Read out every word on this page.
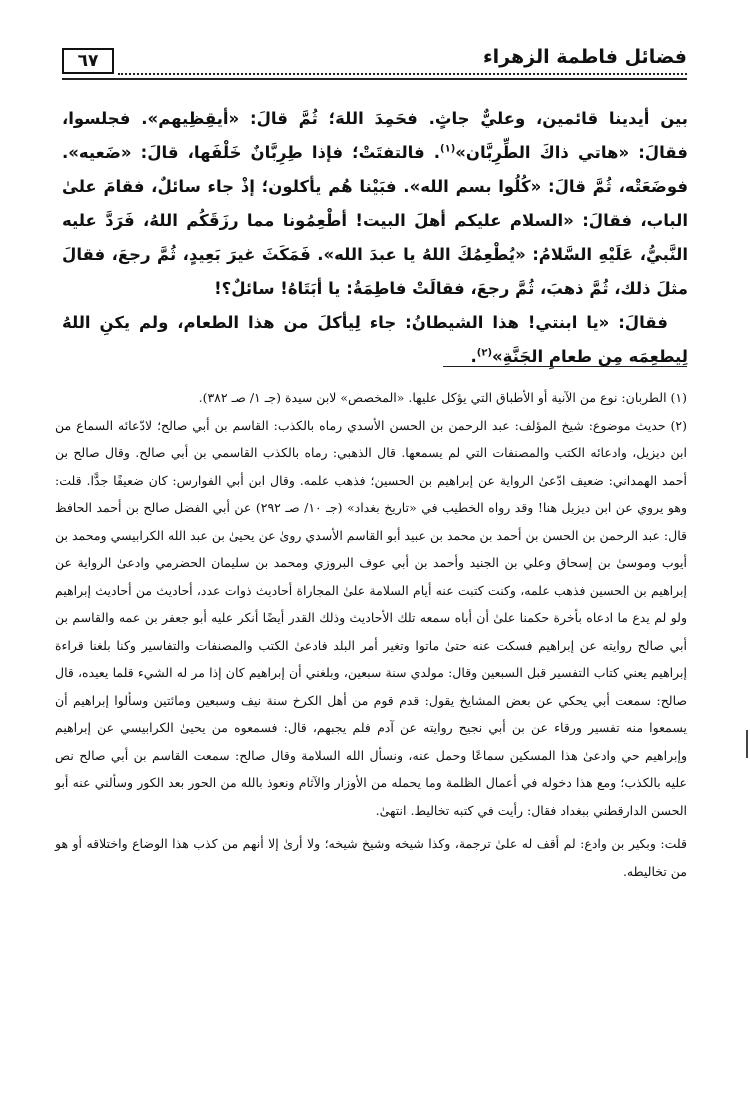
٦٧	فضائل فاطمة الزهراء

بين أيدينا قائمين، وعليٌّ جاثٍ. فحَمِدَ اللهَ؛ ثُمَّ قالَ: «أيقِظِيهم». فجلسوا، فقالَ: «هاتي ذاكَ الطِّرِبَّان»$^{(١)}$. فالتفتَتْ؛ فإذا طِرِبَّانٌ خَلْفَها، قالَ: «ضَعيه». فوضَعَتْه، ثُمَّ قالَ: «كُلُوا بسم الله». فبَيْنا هُم يأكلون؛ إذْ جاء سائلٌ، فقامَ علىٰ الباب، فقالَ: «السلام عليكم أهلَ البيت! أطْعِمُونا مما رزَقَكُم اللهُ، فَرَدَّ عليه النَّبيُّ، عَلَيْهِ السَّلامُ: «يُطْعِمُكَ اللهُ يا عبدَ الله». فَمَكَثَ غيرَ بَعِيدٍ، ثُمَّ رجعَ، فقالَ مثلَ ذلك، ثُمَّ ذهبَ، ثُمَّ رجعَ، فقالَتْ فاطِمَةُ: يا أبَتَاهُ! سائلٌ؟!

فقالَ: «يا ابنتي! هذا الشيطانُ: جاء لِيأكلَ من هذا الطعام، ولم يكنِ اللهُ لِيطعِمَه مِن طعامِ الجَنَّةِ»$^{(٢)}$.

(١) الطربان: نوع من الآنية أو الأطباق التي يؤكل عليها. «المخصص» لابن سيدة (جـ ١/ صـ ٣٨٢).

(٢) حديث موضوع: شيخ المؤلف: عبد الرحمن بن الحسن الأسدي رماه بالكذب: القاسم بن أبي صالح؛ لادّعائه السماع من ابن ديزيل، وادعائه الكتب والمصنفات التي لم يسمعها. قال الذهبي: رماه بالكذب القاسمي بن أبي صالح. وقال صالح بن أحمد الهمداني: ضعيف ادّعىٰ الرواية عن إبراهيم بن الحسين؛ فذهب علمه. وقال ابن أبي الفوارس: كان ضعيفًا جدًّا. قلت: وهو يروي عن ابن ديزيل هنا! وقد رواه الخطيب في «تاريخ بغداد» (جـ ١٠/ صـ ٢٩٢) عن أبي الفضل صالح بن أحمد الحافظ قال: عبد الرحمن بن الحسن بن أحمد بن محمد بن عبيد أبو القاسم الأسدي روىٰ عن يحيىٰ بن عبد الله الكرابيسي ومحمد بن أيوب وموسىٰ بن إسحاق وعلي بن الجنيد وأحمد بن أبي عوف البروزي ومحمد بن سليمان الحضرمي وادعىٰ الرواية عن إبراهيم بن الحسين فذهب علمه، وكنت كتبت عنه أيام السلامة علىٰ المجاراة أحاديث ذوات عدد، أحاديث من أحاديث إبراهيم ولو لم يدع ما ادعاه بأخرة حكمنا علىٰ أن أباه سمعه تلك الأحاديث وذلك القدر أيضًا أنكر عليه أبو جعفر بن عمه والقاسم بن أبي صالح روايته عن إبراهيم فسكت عنه حتىٰ ماتوا وتغير أمر البلد فادعىٰ الكتب والمصنفات والتفاسير وكنا بلغنا قراءة إبراهيم يعني كتاب التفسير قبل السبعين وقال: مولدي سنة سبعين، وبلغني أن إبراهيم كان إذا مر له الشيء قلما يعيده، قال صالح: سمعت أبي يحكي عن بعض المشايخ يقول: قدم قوم من أهل الكرخ سنة نيف وسبعين ومائتين وسألوا إبراهيم أن يسمعوا منه تفسير ورقاء عن بن أبي نجيح روايته عن آدم فلم يجبهم، قال: فسمعوه من يحيىٰ الكرابيسي عن إبراهيم وإبراهيم حي وادعىٰ هذا المسكين سماعًا وحمل عنه، ونسأل الله السلامة وقال صالح: سمعت القاسم بن أبي صالح نص عليه بالكذب؛ ومع هذا دخوله في أعمال الظلمة وما يحمله من الأوزار والآثام ونعوذ بالله من الحور بعد الكور وسألني عنه أبو الحسن الدارقطني ببغداد فقال: رأيت في كتبه تخاليط. انتهىٰ.

قلت: وبكير بن وادع: لم أقف له علىٰ ترجمة، وكذا شيخه وشيخ شيخه؛ ولا أرىٰ إلا أنهم من كذب هذا الوضاع واختلاقه أو هو من تخاليطه.
